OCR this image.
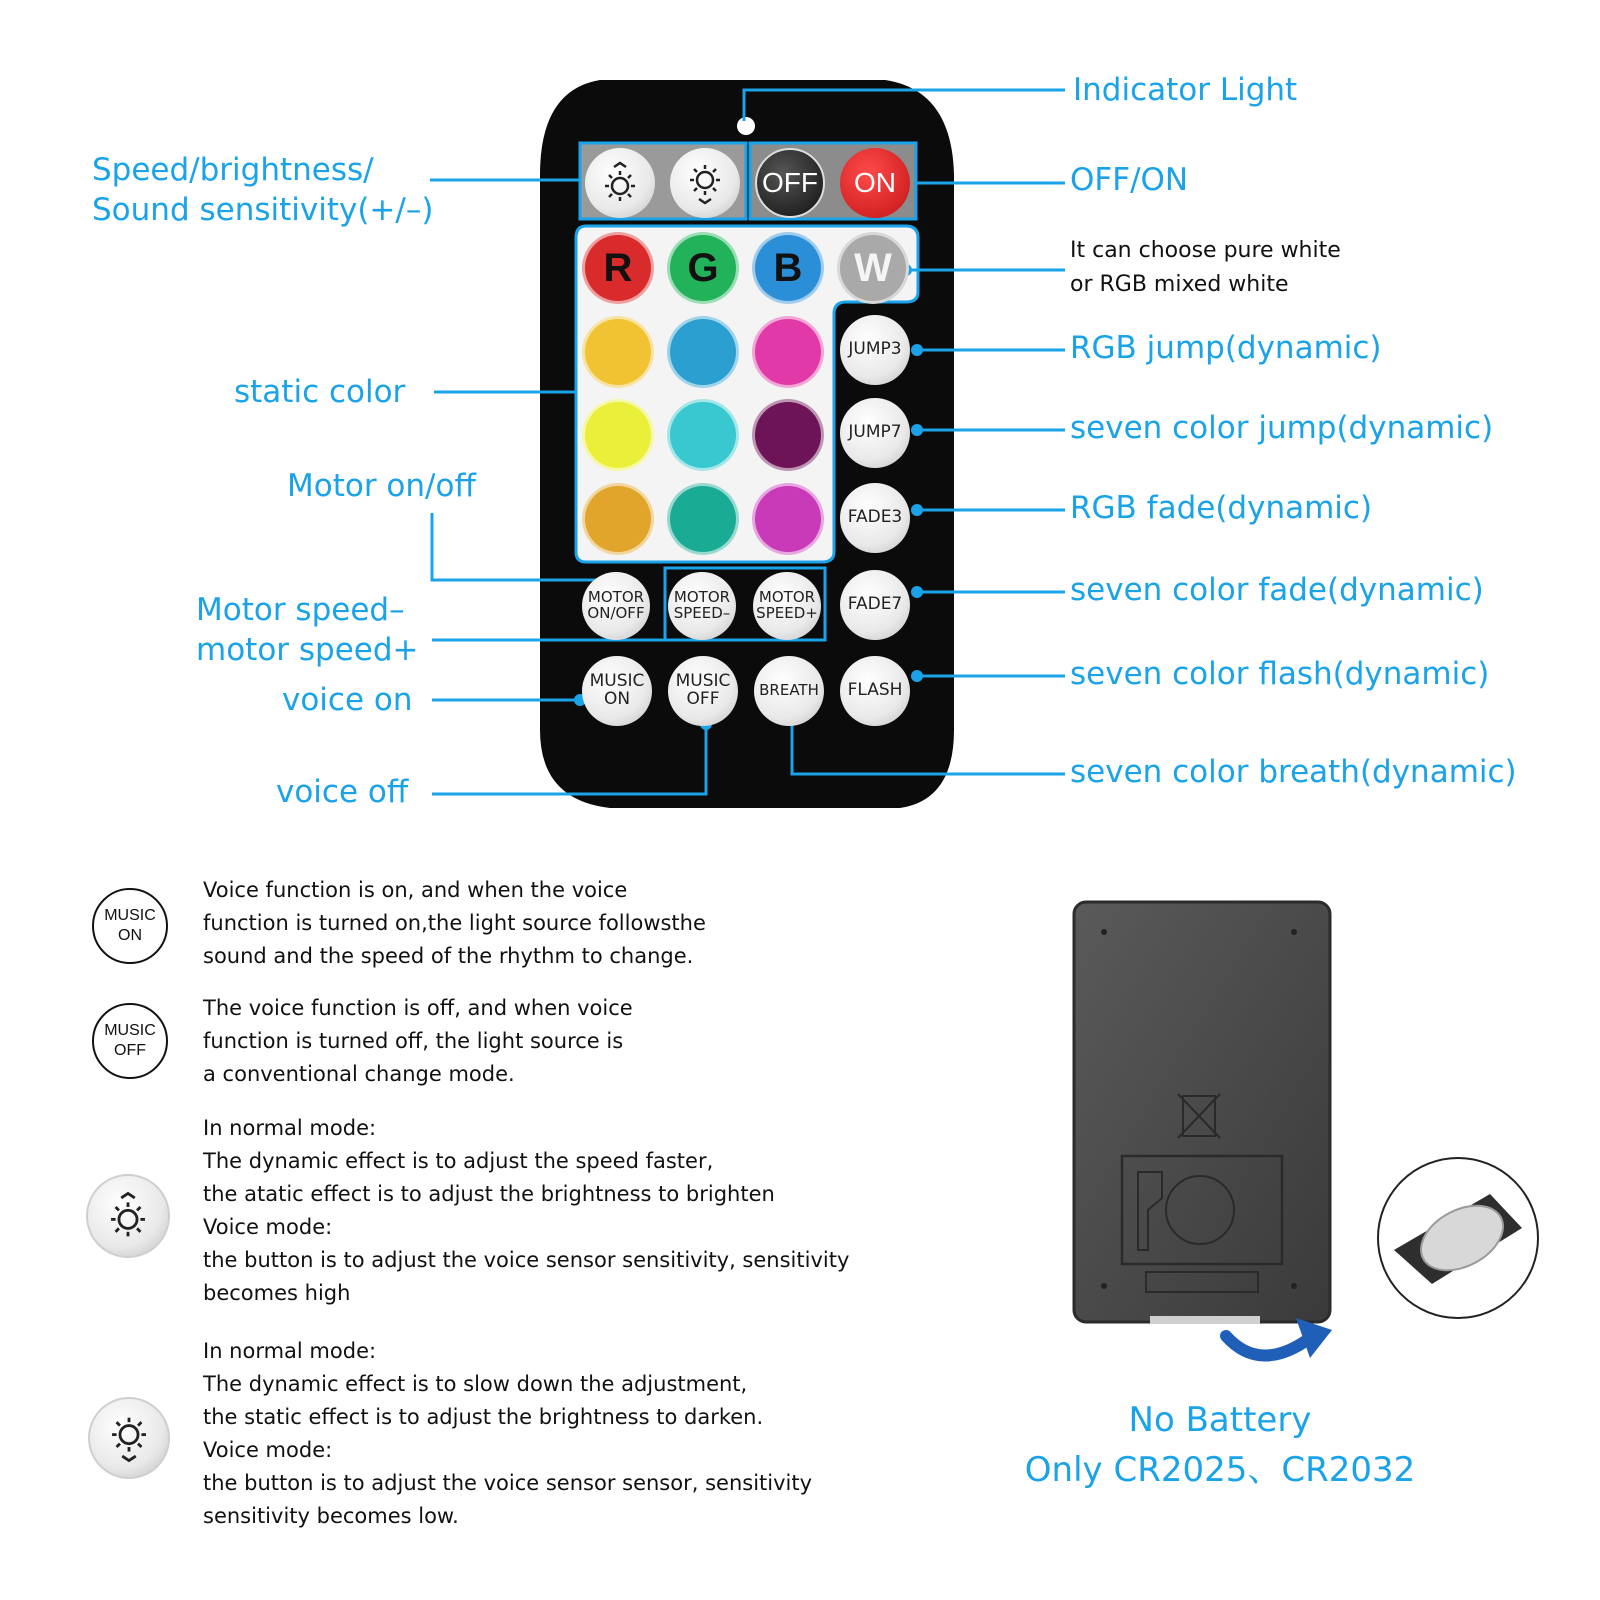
OFF ON
R G B W
JUMP3
JUMP7
FADE3
FADE7
MOTOR
ON/OFF
MOTOR
SPEED–
MOTOR
SPEED+
MUSIC
ON
MUSIC
OFF	BREATH FLASH
Indicator Light
Speed/brightness/
Sound sensitivity(+/–)
OFF/ON
It can choose pure white
or RGB mixed white
static color
RGB jump(dynamic)
seven color jump(dynamic)
Motor on/off
RGB fade(dynamic)
seven color fade(dynamic)
Motor speed–
motor speed+
voice on
seven color flash(dynamic)
voice off
seven color breath(dynamic)
MUSIC
ON
Voice function is on, and when the voice
function is turned on,the light source followsthe
sound and the speed of the rhythm to change.
MUSIC
OFF
The voice function is off, and when voice
function is turned off, the light source is
a conventional change mode.
In normal mode:
The dynamic effect is to adjust the speed faster,
the atatic effect is to adjust the brightness to brighten
Voice mode:
the button is to adjust the voice sensor sensitivity, sensitivity
becomes high
In normal mode:
The dynamic effect is to slow down the adjustment,
the static effect is to adjust the brightness to darken.
Voice mode:
the button is to adjust the voice sensor sensor, sensitivity
sensitivity becomes low.
No Battery
Only CR2025、CR2032
